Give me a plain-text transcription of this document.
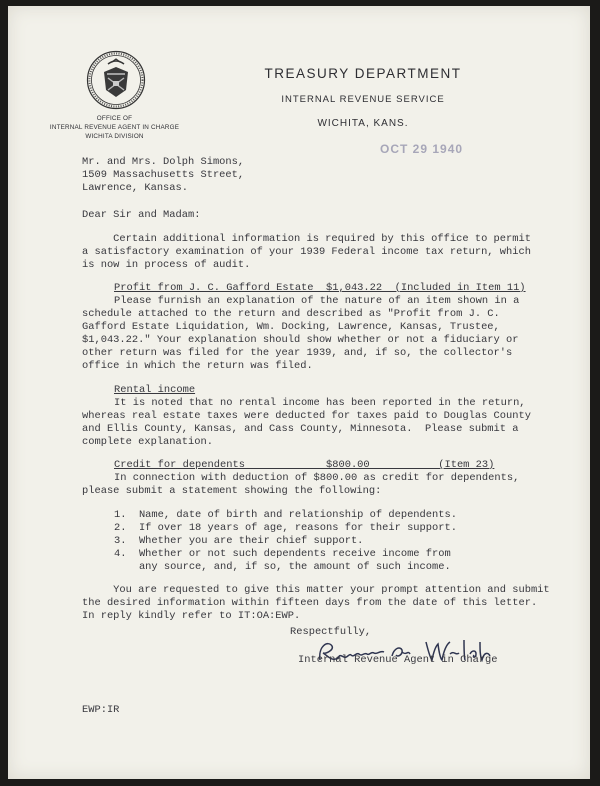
OFFICE OF
INTERNAL REVENUE AGENT IN CHARGE
WICHITA DIVISION
TREASURY DEPARTMENT
INTERNAL REVENUE SERVICE
WICHITA, KANS.
OCT 29 1940
Mr. and Mrs. Dolph Simons,
1509 Massachusetts Street,
Lawrence, Kansas.
Dear Sir and Madam:
Certain additional information is required by this office to permit
a satisfactory examination of your 1939 Federal income tax return, which
is now in process of audit.
Profit from J. C. Gafford Estate  $1,043.22  (Included in Item 11)
Please furnish an explanation of the nature of an item shown in a
schedule attached to the return and described as "Profit from J. C.
Gafford Estate Liquidation, Wm. Docking, Lawrence, Kansas, Trustee,
$1,043.22." Your explanation should show whether or not a fiduciary or
other return was filed for the year 1939, and, if so, the collector's
office in which the return was filed.
Rental income
It is noted that no rental income has been reported in the return,
whereas real estate taxes were deducted for taxes paid to Douglas County
and Ellis County, Kansas, and Cass County, Minnesota.  Please submit a
complete explanation.
Credit for dependents             $800.00           (Item 23)
In connection with deduction of $800.00 as credit for dependents,
please submit a statement showing the following:
1.  Name, date of birth and relationship of dependents.
2.  If over 18 years of age, reasons for their support.
3.  Whether you are their chief support.
4.  Whether or not such dependents receive income from
any source, and, if so, the amount of such income.
You are requested to give this matter your prompt attention and submit
the desired information within fifteen days from the date of this letter.
In reply kindly refer to IT:OA:EWP.
Respectfully,
Internal Revenue Agent in Charge
EWP:IR
